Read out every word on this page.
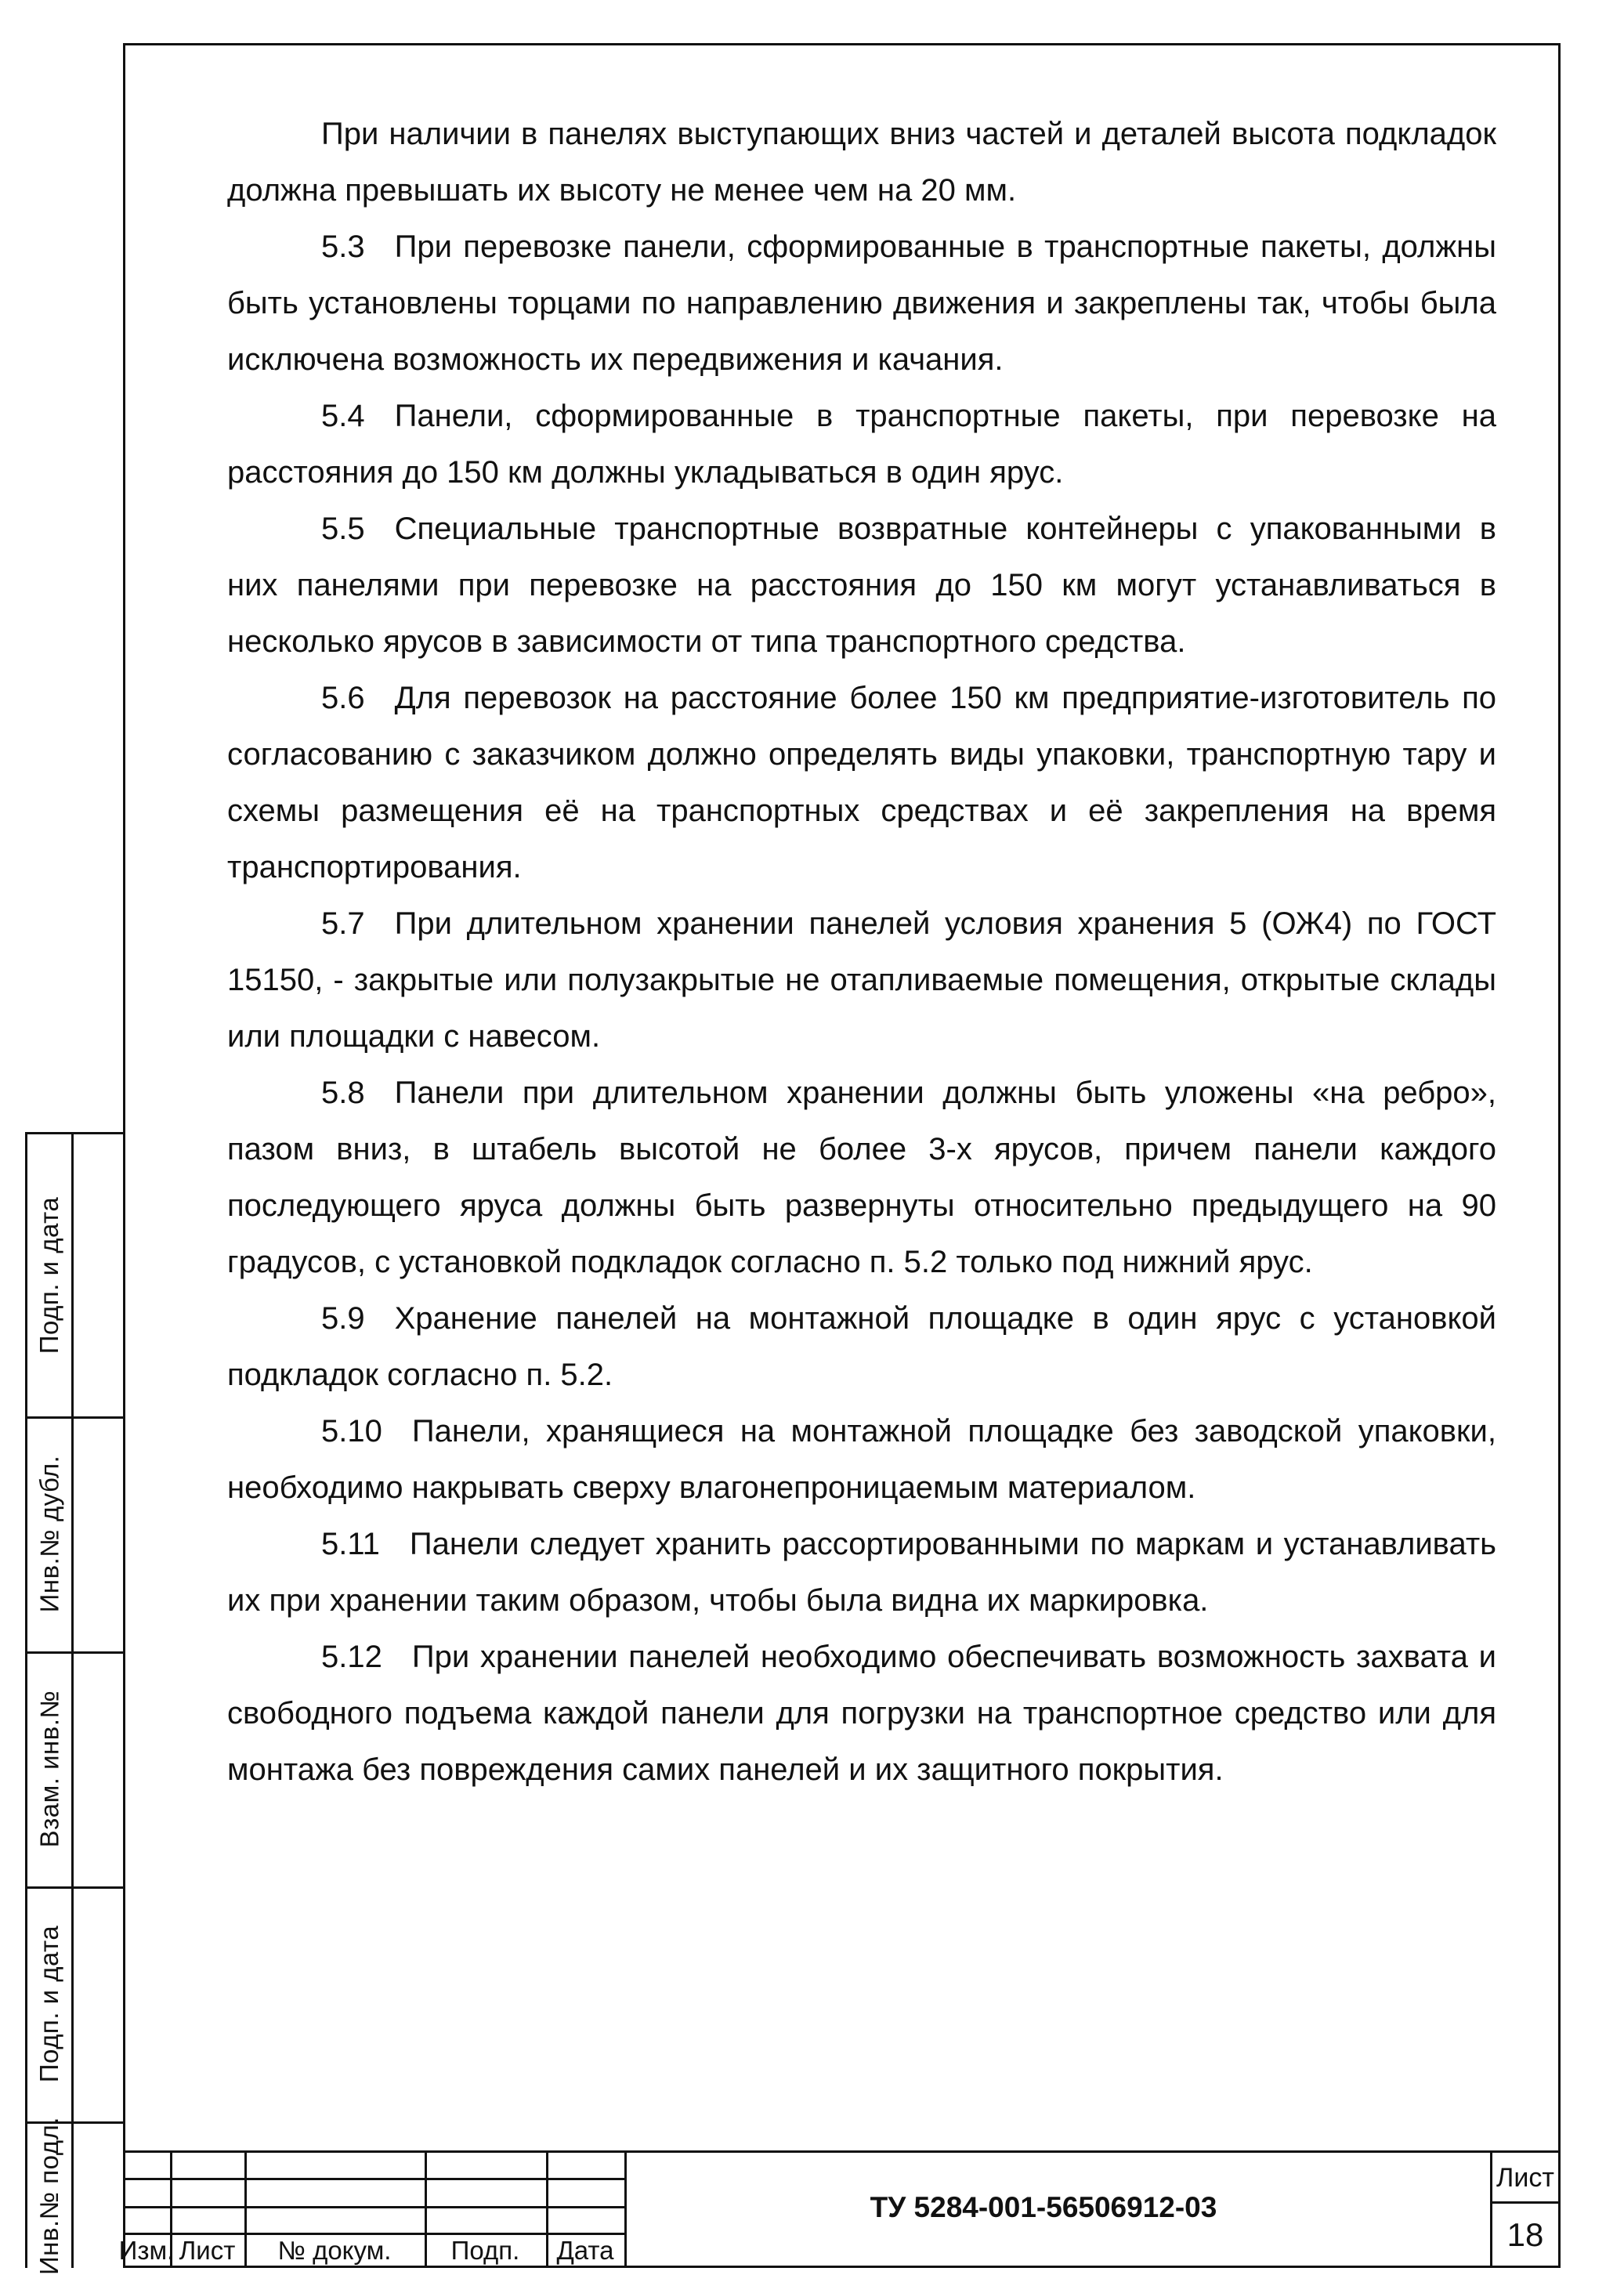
При наличии в панелях выступающих вниз частей и деталей высота подкладок должна превышать их высоту не менее чем на 20 мм.

5.3 При перевозке панели, сформированные в транспортные пакеты, должны быть установлены торцами по направлению движения и закреплены так, чтобы была исключена возможность их передвижения и качания.

5.4 Панели, сформированные в транспортные пакеты, при перевозке на расстояния до 150 км должны укладываться в один ярус.

5.5 Специальные транспортные возвратные контейнеры с упакованными в них панелями при перевозке на расстояния до 150 км могут устанавливаться в несколько ярусов в зависимости от типа транспортного средства.

5.6 Для перевозок на расстояние более 150 км предприятие-изготовитель по согласованию с заказчиком должно определять виды упаковки, транспортную тару и схемы размещения её на транспортных средствах и её закрепления на время транспортирования.

5.7 При длительном хранении панелей условия хранения 5 (ОЖ4) по ГОСТ 15150, - закрытые или полузакрытые не отапливаемые помещения, открытые склады или площадки с навесом.

5.8 Панели при длительном хранении должны быть уложены «на ребро», пазом вниз, в штабель высотой не более 3-х ярусов, причем панели каждого последующего яруса должны быть развернуты относительно предыдущего на 90 градусов, с установкой подкладок согласно п. 5.2 только под нижний ярус.

5.9 Хранение панелей на монтажной площадке в один ярус с установкой подкладок согласно п. 5.2.

5.10 Панели, хранящиеся на монтажной площадке без заводской упаковки, необходимо накрывать сверху влагонепроницаемым материалом.

5.11 Панели следует хранить рассортированными по маркам и устанавливать их при хранении таким образом, чтобы была видна их маркировка.

5.12 При хранении панелей необходимо обеспечивать возможность захвата и свободного подъема каждой панели для погрузки на транспортное средство или для монтажа без повреждения самих панелей и их защитного покрытия.

Подп. и дата
Инв.№ дубл.
Взам. инв.№
Подп. и дата
Инв.№ подл. Изм. Лист	№ докум.	Подп.	Дата
ТУ 5284-001-56506912-03
Лист
18
